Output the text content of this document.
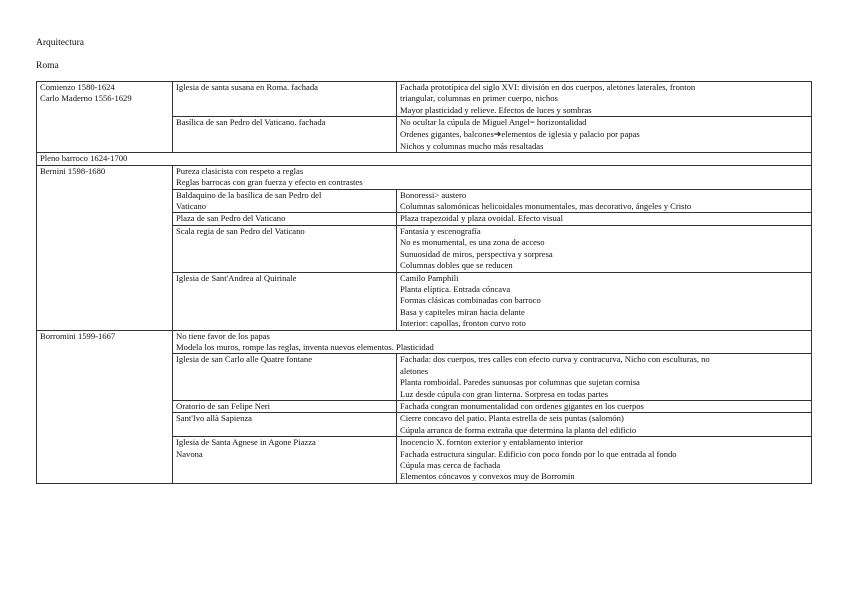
Arquitectura
Roma
Comienzo 1580-1624
Carlo Maderno 1556-1629	Iglesia de santa susana en Roma. fachada	Fachada prototípica del siglo XVI: división en dos cuerpos, aletones laterales, fronton
triangular, columnas en primer cuerpo, nichos
Mayor plasticidad y relieve. Efectos de luces y sombras

	Basílica de san Pedro del Vaticano. fachada	No ocultar la cúpula de Miguel Angel= horizontalidad
Ordenes gigantes, balcones➔elementos de iglesia y palacio por papas
Nichos y columnas mucho más resaltadas

Pleno barroco 1624-1700		

Bernini 1598-1680	Pureza clasicista con respeto a reglas
Reglas barrocas con gran fuerza y efecto en contrastes	

	Baldaquino de la basílica de san Pedro del
Vaticano	Bonoressi> austero
Columnas salomónicas helicoidales monumentales, mas decorativo, ángeles y Cristo

	Plaza de san Pedro del Vaticano	Plaza trapezoidal y plaza ovoidal. Efecto visual

	Scala regia de san Pedro del Vaticano	Fantasía y escenografía
No es monumental, es una zona de acceso
Sunuosidad de miros, perspectiva y sorpresa
Columnas dobles que se reducen

	Iglesia de Sant'Andrea al Quirinale	Camilo Pamphili
Planta elíptica. Entrada cóncava
Formas clásicas combinadas con barroco
Basa y capiteles miran hacia delante
Interior: capollas, fronton curvo roto

Borromini 1599-1667	No tiene favor de los papas
Modela los muros, rompe las reglas, inventa nuevos elementos. Plasticidad	

	Iglesia de san Carlo alle Quatre fontane	Fachada: dos cuerpos, tres calles con efecto curva y contracurva, Nicho con esculturas, no
aletones
Planta romboidal. Paredes sunuosas por columnas que sujetan cornisa
Luz desde cúpula con gran linterna. Sorpresa en todas partes

	Oratorio de san Felipe Neri	Fachada congran monumentalidad con ordenes gigantes en los cuerpos

	Sant'Ivo allà Sapienza	Cierre concavo del patio. Planta estrella de seis puntas (salomón)
Cúpula arranca de forma extraña que determina la planta del edificio

	Iglesia de Santa Agnese in Agone Piazza
Navona	Inocencio X. fornton exterior y entablamento interior
Fachada estructura singular. Edificio con poco fondo por lo que entrada al fondo
Cúpula mas cerca de fachada
Elementos cóncavos y convexos muy de Borromin
